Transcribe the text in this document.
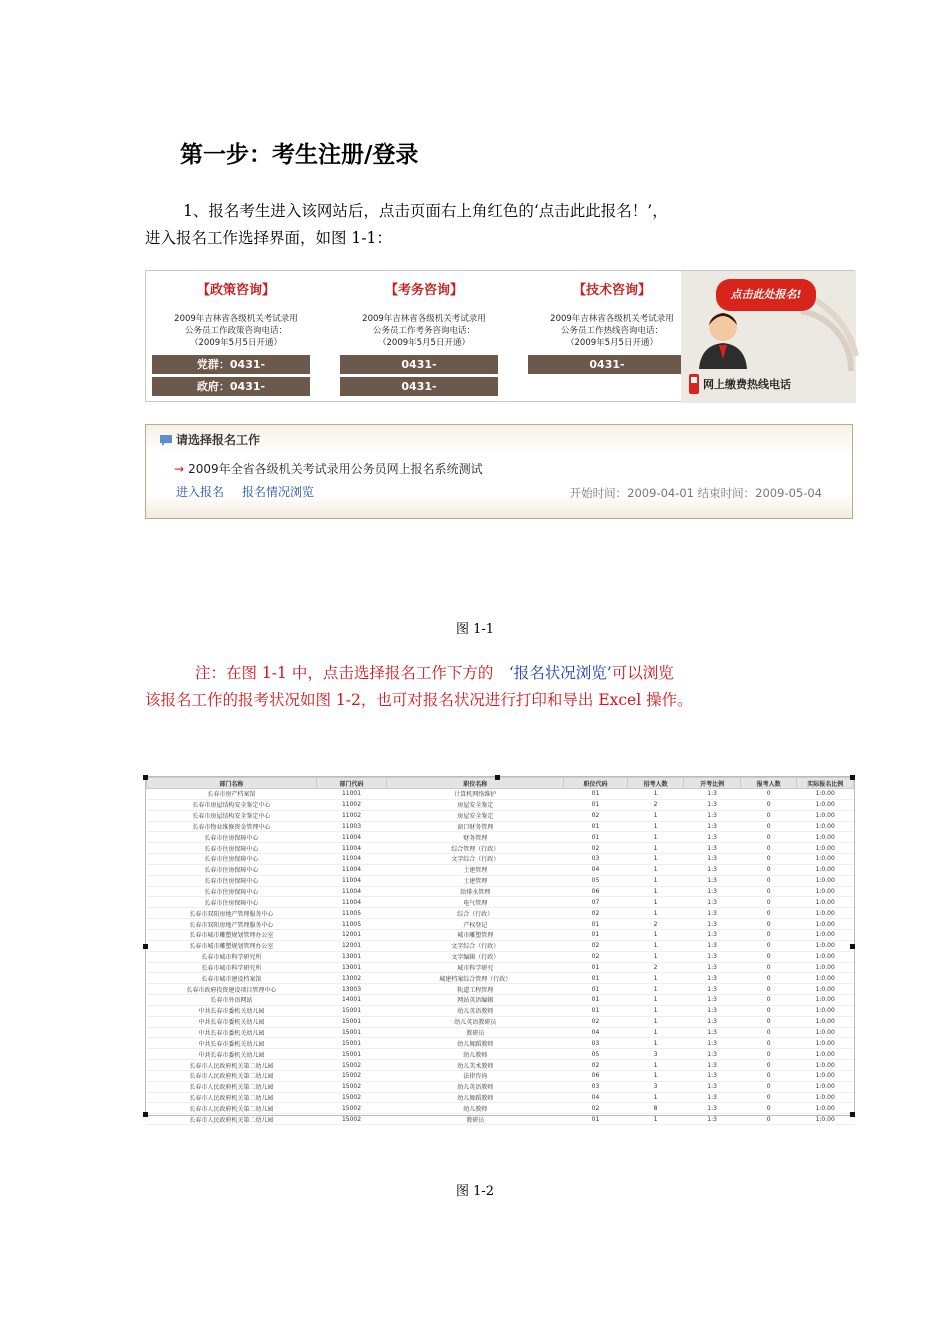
第一步：考生注册/登录
1、报名考生进入该网站后，点击页面右上角红色的‘点击此此报名！’，
进入报名工作选择界面，如图 1-1：
【政策咨询】
2009年吉林省各级机关考试录用
公务员工作政策咨询电话：
（2009年5月5日开通）
党群：0431-
政府：0431-
【考务咨询】
2009年吉林省各级机关考试录用
公务员工作考务咨询电话：
（2009年5月5日开通）
0431-
0431-
【技术咨询】
2009年吉林省各级机关考试录用
公务员工作热线咨询电话：
（2009年5月5日开通）
0431-
点击此处报名!
网上缴费热线电话
请选择报名工作
→ 2009年全省各级机关考试录用公务员网上报名系统测试
进入报名 报名情况浏览	开始时间：2009-04-01 结束时间：2009-05-04
图 1-1
注：在图 1-1 中，点击选择报名工作下方的　‘报名状况浏览’可以浏览
该报名工作的报考状况如图 1-2，也可对报名状况进行打印和导出 Excel 操作。
部门名称	部门代码	职位名称	职位代码	招考人数	开考比例	报考人数	实际报名比例
长春市房产档案馆	11001	计算机网络维护	01	1	1:3	0	1:0.00
长春市房屋结构安全鉴定中心	11002	房屋安全鉴定	01	2	1:3	0	1:0.00
长春市房屋结构安全鉴定中心	11002	房屋安全鉴定	02	1	1:3	0	1:0.00
长春市物业维修资金管理中心	11003	窗口财务管理	01	1	1:3	0	1:0.00
长春市住房保障中心	11004	财务管理	01	1	1:3	0	1:0.00
长春市住房保障中心	11004	综合管理（行政）	02	1	1:3	0	1:0.00
长春市住房保障中心	11004	文字综合（行政）	03	1	1:3	0	1:0.00
长春市住房保障中心	11004	土建管理	04	1	1:3	0	1:0.00
长春市住房保障中心	11004	土建管理	05	1	1:3	0	1:0.00
长春市住房保障中心	11004	给排水管理	06	1	1:3	0	1:0.00
长春市住房保障中心	11004	电气管理	07	1	1:3	0	1:0.00
长春市双阳房地产管理服务中心	11005	综合（行政）	02	1	1:3	0	1:0.00
长春市双阳房地产管理服务中心	11005	产权登记	01	2	1:3	0	1:0.00
长春市城市雕塑规划管理办公室	12001	城市雕塑管理	01	1	1:3	0	1:0.00
长春市城市雕塑规划管理办公室	12001	文字综合（行政）	02	1	1:3	0	1:0.00
长春市城市科学研究所	13001	文字编辑（行政）	02	1	1:3	0	1:0.00
长春市城市科学研究所	13001	城市科学研究	01	2	1:3	0	1:0.00
长春市城市建设档案馆	13002	城建档案综合管理（行政）	01	1	1:3	0	1:0.00
长春市政府投资建设项目管理中心	13003	轨道工程管理	01	1	1:3	0	1:0.00
长春市外语网站	14001	网站英语编辑	01	1	1:3	0	1:0.00
中共长春市委机关幼儿园	15001	幼儿英语教师	01	1	1:3	0	1:0.00
中共长春市委机关幼儿园	15001	幼儿英语教研员	02	1	1:3	0	1:0.00
中共长春市委机关幼儿园	15001	教研员	04	1	1:3	0	1:0.00
中共长春市委机关幼儿园	15001	幼儿舞蹈教师	03	1	1:3	0	1:0.00
中共长春市委机关幼儿园	15001	幼儿教师	05	3	1:3	0	1:0.00
长春市人民政府机关第二幼儿园	15002	幼儿美术教师	02	1	1:3	0	1:0.00
长春市人民政府机关第二幼儿园	15002	法律咨询	06	1	1:3	0	1:0.00
长春市人民政府机关第二幼儿园	15002	幼儿英语教师	03	3	1:3	0	1:0.00
长春市人民政府机关第二幼儿园	15002	幼儿舞蹈教师	04	1	1:3	0	1:0.00
长春市人民政府机关第二幼儿园	15002	幼儿教师	02	8	1:3	0	1:0.00
长春市人民政府机关第二幼儿园	15002	教研员	01	1	1:3	0	1:0.00
图 1-2
